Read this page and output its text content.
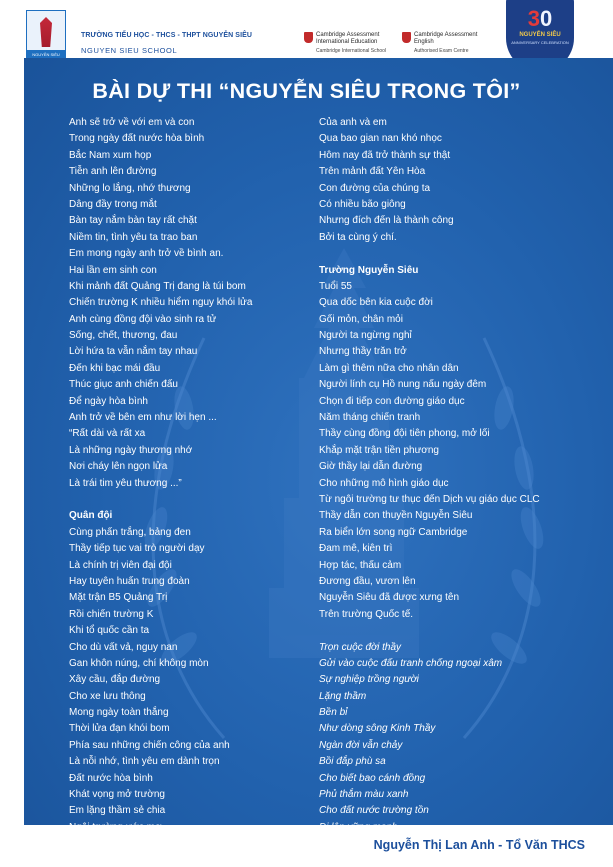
NGUYỄN SIÊU
TRƯỜNG TIỂU HỌC - THCS - THPT NGUYỄN SIÊU
NGUYEN SIEU SCHOOL
Cambridge Assessment
International Education
Cambridge International School
Cambridge Assessment
English
Authorised Exam Centre
30
NGUYỄN SIÊU
ANNIVERSARY CELEBRATION
BÀI DỰ THI “NGUYỄN SIÊU TRONG TÔI”
Anh sẽ trở về với em và con
Trong ngày đất nước hòa bình
Bắc Nam xum họp
Tiễn anh lên đường
Những lo lắng, nhớ thương
Dâng đầy trong mắt
Bàn tay nắm bàn tay rất chặt
Niềm tin, tình yêu ta trao ban
Em mong ngày anh trở về bình an.
Hai lần em sinh con
Khi mảnh đất Quảng Trị đang là túi bom
Chiến trường K nhiều hiểm nguy khói lửa
Anh cùng đồng đội vào sinh ra tử
Sống, chết, thương, đau
Lời hứa ta vẫn nắm tay nhau
Đến khi bạc mái đầu
Thúc giục anh chiến đấu
Để ngày hòa bình
Anh trở về bên em như lời hẹn ...
“Rất dài và rất xa
Là những ngày thương nhớ
Nơi cháy lên ngọn lửa
Là trái tim yêu thương ...”
Quân đội
Cùng phấn trắng, bảng đen
Thầy tiếp tục vai trò người dạy
Là chính trị viên đại đội
Hay tuyên huấn trung đoàn
Mặt trận B5 Quảng Trị
Rồi chiến trường K
Khi tổ quốc cần ta
Cho dù vất vả, nguy nan
Gan khôn núng, chí không mòn
Xây cầu, đắp đường
Cho xe lưu thông
Mong ngày toàn thắng
Thời lửa đạn khói bom
Phía sau những chiến công của anh
Là nỗi nhớ, tình yêu em dành trọn
Đất nước hòa bình
Khát vọng mở trường
Em lặng thầm sẻ chia
Của anh và em
Qua bao gian nan khó nhọc
Hôm nay đã trở thành sự thật
Trên mảnh đất Yên Hòa
Con đường của chúng ta
Có nhiều bão giông
Nhưng đích đến là thành công
Bởi ta cùng ý chí.
Trường Nguyễn Siêu
Tuổi 55
Qua dốc bên kia cuộc đời
Gối mỏn, chân mỏi
Người ta ngừng nghỉ
Nhưng thầy trăn trở
Làm gì thêm nữa cho nhân dân
Người lính cụ Hồ nung nấu ngày đêm
Chọn đi tiếp con đường giáo dục
Năm tháng chiến tranh
Thầy cùng đồng đội tiên phong, mở lối
Khắp mặt trận tiền phương
Giờ thầy lại dẫn đường
Cho những mô hình giáo dục
Từ ngôi trường tư thục đến Dịch vụ giáo dục CLC
Thầy dẫn con thuyền Nguyễn Siêu
Ra biển lớn song ngữ Cambridge
Đam mê, kiên trì
Hợp tác, thấu cảm
Đương đầu, vươn lên
Nguyễn Siêu đã được xưng tên
Trên trường Quốc tế.
Trọn cuộc đời thầy
Gửi vào cuộc đấu tranh chống ngoại xâm
Sự nghiệp trồng người
Lặng thầm
Bền bỉ
Như dòng sông Kinh Thầy
Ngàn đời vẫn chảy
Bồi đắp phù sa
Cho biết bao cánh đồng
Phủ thắm màu xanh
Cho đất nước trường tồn
Nguyễn Thị Lan Anh - Tổ Văn THCS
